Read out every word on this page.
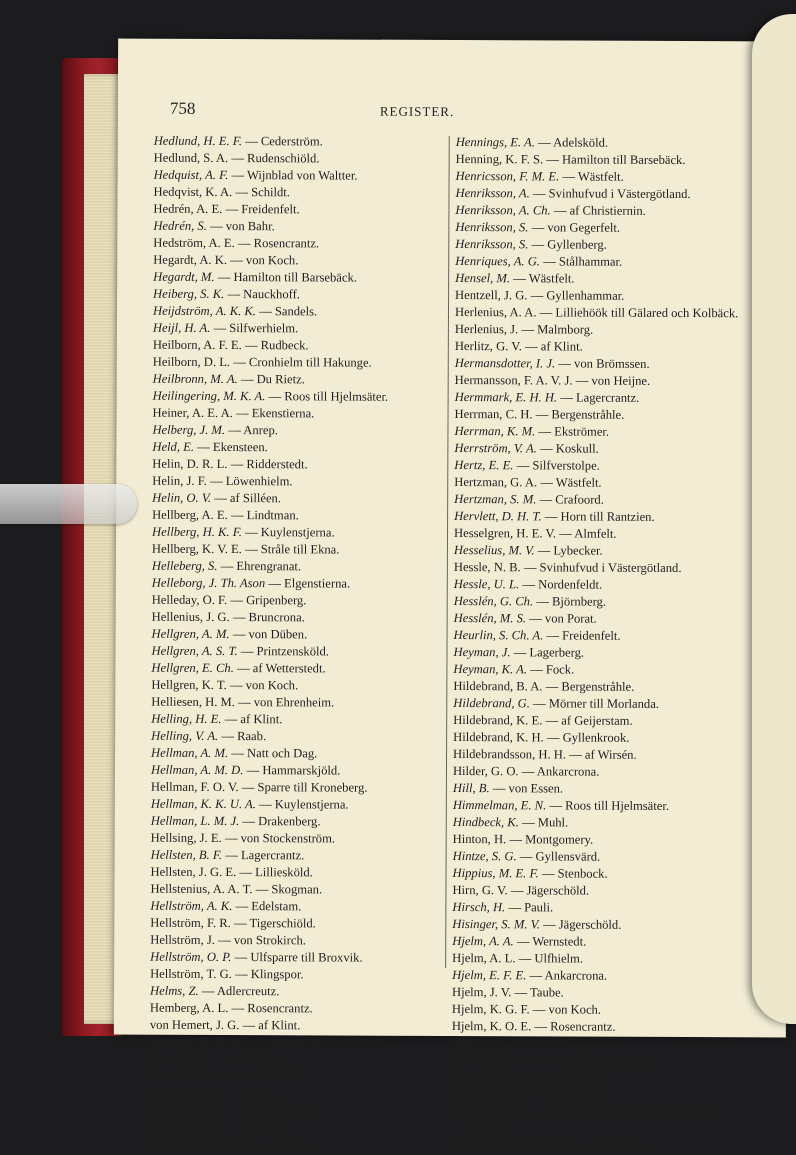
758	REGISTER.
Hedlund, H. E. F. — Cederström.
Hedlund, S. A. — Rudenschiöld.
Hedquist, A. F. — Wijnblad von Waltter.
Hedqvist, K. A. — Schildt.
Hedrén, A. E. — Freidenfelt.
Hedrén, S. — von Bahr.
Hedström, A. E. — Rosencrantz.
Hegardt, A. K. — von Koch.
Hegardt, M. — Hamilton till Barsebäck.
Heiberg, S. K. — Nauckhoff.
Heijdström, A. K. K. — Sandels.
Heijl, H. A. — Silfwerhielm.
Heilborn, A. F. E. — Rudbeck.
Heilborn, D. L. — Cronhielm till Hakunge.
Heilbronn, M. A. — Du Rietz.
Heilingering, M. K. A. — Roos till Hjelmsäter.
Heiner, A. E. A. — Ekenstierna.
Helberg, J. M. — Anrep.
Held, E. — Ekensteen.
Helin, D. R. L. — Ridderstedt.
Helin, J. F. — Löwenhielm.
Helin, O. V. — af Silléen.
Hellberg, A. E. — Lindtman.
Hellberg, H. K. F. — Kuylenstjerna.
Hellberg, K. V. E. — Stråle till Ekna.
Helleberg, S. — Ehrengranat.
Helleborg, J. Th. Ason — Elgenstierna.
Helleday, O. F. — Gripenberg.
Hellenius, J. G. — Bruncrona.
Hellgren, A. M. — von Düben.
Hellgren, A. S. T. — Printzensköld.
Hellgren, E. Ch. — af Wetterstedt.
Hellgren, K. T. — von Koch.
Helliesen, H. M. — von Ehrenheim.
Helling, H. E. — af Klint.
Helling, V. A. — Raab.
Hellman, A. M. — Natt och Dag.
Hellman, A. M. D. — Hammarskjöld.
Hellman, F. O. V. — Sparre till Kroneberg.
Hellman, K. K. U. A. — Kuylenstjerna.
Hellman, L. M. J. — Drakenberg.
Hellsing, J. E. — von Stockenström.
Hellsten, B. F. — Lagercrantz.
Hellsten, J. G. E. — Lilliesköld.
Hellstenius, A. A. T. — Skogman.
Hellström, A. K. — Edelstam.
Hellström, F. R. — Tigerschiöld.
Hellström, J. — von Strokirch.
Hellström, O. P. — Ulfsparre till Broxvik.
Hellström, T. G. — Klingspor.
Helms, Z. — Adlercreutz.
Hemberg, A. L. — Rosencrantz.
von Hemert, J. G. — af Klint.
Hemesse, A. V. N. — Bäfwerfeldt.
Henckel, E. — von Geijer.
Henckel, K. J. F. — af Trolle.
Henderson, J. — Rappe.
Henneberg, R. — Gyllenskjepp.
Hennig, G. A. — von Bahr.
von Hennigs, T. T. E. — Stuart.
Hennings, E. A. — Adelsköld.
Henning, K. F. S. — Hamilton till Barsebäck.
Henricsson, F. M. E. — Wästfelt.
Henriksson, A. — Svinhufvud i Västergötland.
Henriksson, A. Ch. — af Christiernin.
Henriksson, S. — von Gegerfelt.
Henriksson, S. — Gyllenberg.
Henriques, A. G. — Stålhammar.
Hensel, M. — Wästfelt.
Hentzell, J. G. — Gyllenhammar.
Herlenius, A. A. — Lilliehöök till Gälared och Kolbäck.
Herlenius, J. — Malmborg.
Herlitz, G. V. — af Klint.
Hermansdotter, I. J. — von Brömssen.
Hermansson, F. A. V. J. — von Heijne.
Hermmark, E. H. H. — Lagercrantz.
Herrman, C. H. — Bergenstråhle.
Herrman, K. M. — Ekströmer.
Herrström, V. A. — Koskull.
Hertz, E. E. — Silfverstolpe.
Hertzman, G. A. — Wästfelt.
Hertzman, S. M. — Crafoord.
Hervlett, D. H. T. — Horn till Rantzien.
Hesselgren, H. E. V. — Almfelt.
Hesselius, M. V. — Lybecker.
Hessle, N. B. — Svinhufvud i Västergötland.
Hessle, U. L. — Nordenfeldt.
Hesslén, G. Ch. — Björnberg.
Hesslén, M. S. — von Porat.
Heurlin, S. Ch. A. — Freidenfelt.
Heyman, J. — Lagerberg.
Heyman, K. A. — Fock.
Hildebrand, B. A. — Bergenstråhle.
Hildebrand, G. — Mörner till Morlanda.
Hildebrand, K. E. — af Geijerstam.
Hildebrand, K. H. — Gyllenkrook.
Hildebrandsson, H. H. — af Wirsén.
Hilder, G. O. — Ankarcrona.
Hill, B. — von Essen.
Himmelman, E. N. — Roos till Hjelmsäter.
Hindbeck, K. — Muhl.
Hinton, H. — Montgomery.
Hintze, S. G. — Gyllensvärd.
Hippius, M. E. F. — Stenbock.
Hirn, G. V. — Jägerschöld.
Hirsch, H. — Pauli.
Hisinger, S. M. V. — Jägerschöld.
Hjelm, A. A. — Wernstedt.
Hjelm, A. L. — Ulfhielm.
Hjelm, E. F. E. — Ankarcrona.
Hjelm, J. V. — Taube.
Hjelm, K. G. F. — von Koch.
Hjelm, K. O. E. — Rosencrantz.
Hjelmgren, S. A. — Charpentier.
Hjelmqvist, B. P. A. — Kuylenstjerna.
Hjelte, N. — von Oldenskjöld.
Hjerpe, A. A. — Silfwerbrand.
Hjertner, A. A. — Hallencreutz och Hallencreutz till Wedevåg.
Hjertström, N. F. — Boije till Gennäs.
